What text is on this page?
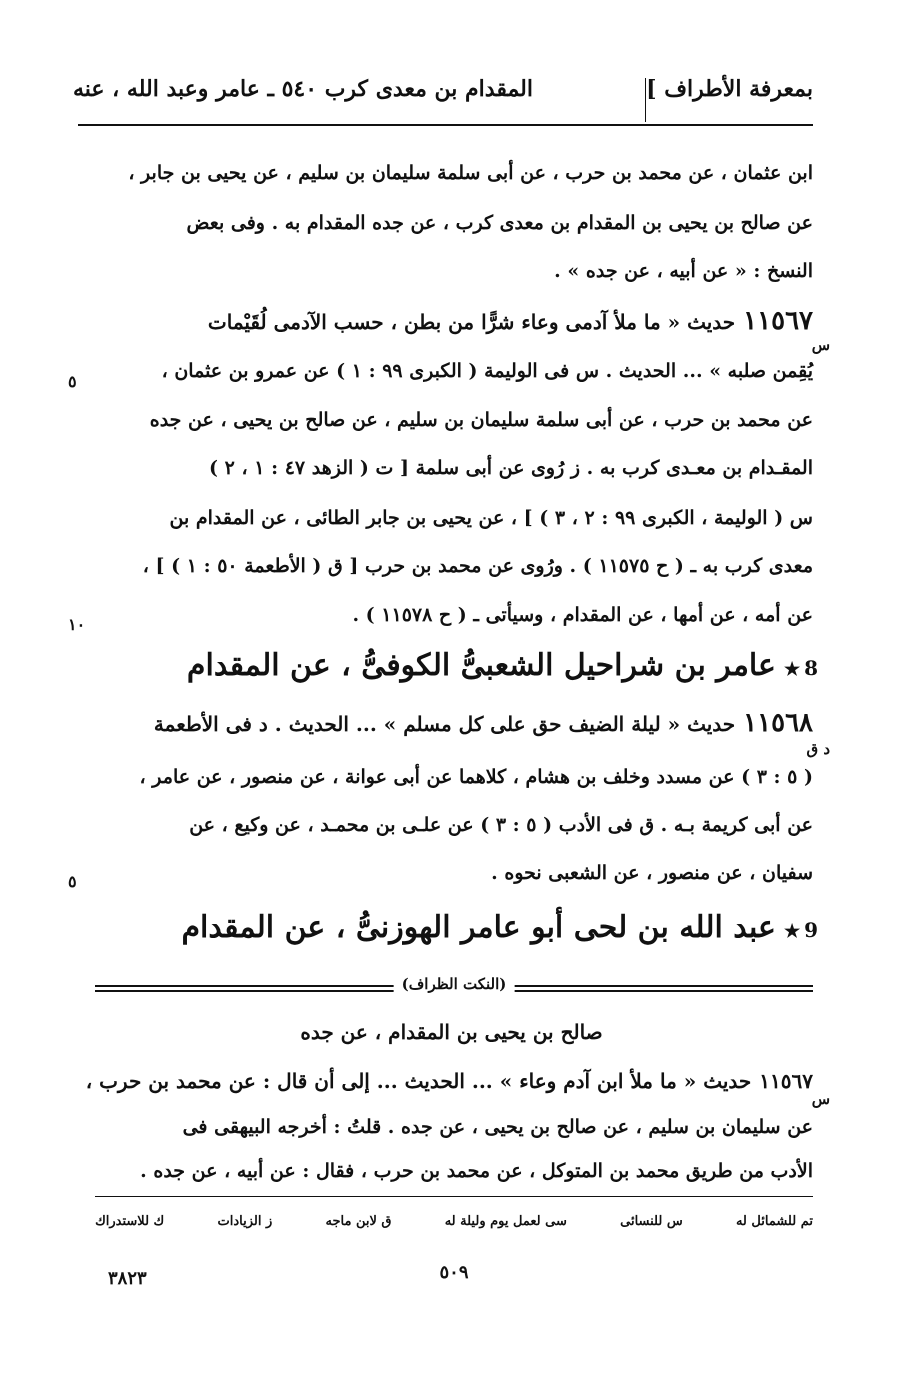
بمعرفة الأطراف ]
المقدام بن معدى كرب ٥٤٠ ـ عامر وعبد الله ، عنه
ابن عثمان ، عن محمد بن حرب ، عن أبى سلمة سليمان بن سليم ، عن يحيى بن جابر ،
عن صالح بن يحيى بن المقدام بن معدى كرب ، عن جده المقدام به . وفى بعض
النسخ : « عن أبيه ، عن جده » .
١١٥٦٧حديث « ما ملأ آدمى وعاء شرًّا من بطن ، حسب الآدمى لُقَيْمات
س
يُقِمن صلبه » ... الحديث . س فى الوليمة ( الكبرى ٩٩ : ١ ) عن عمرو بن عثمان ،
٥
عن محمد بن حرب ، عن أبى سلمة سليمان بن سليم ، عن صالح بن يحيى ، عن جده
المقـدام بن معـدى كرب به . ز رُوى عن أبى سلمة [ ت ( الزهد ٤٧ : ١ ، ٢ )
س ( الوليمة ، الكبرى ٩٩ : ٢ ، ٣ ) ] ، عن يحيى بن جابر الطائى ، عن المقدام بن
معدى كرب به ـ ( ح ١١٥٧٥ ) . ورُوى عن محمد بن حرب [ ق ( الأطعمة ٥٠ : ١ ) ] ،
عن أمه ، عن أمها ، عن المقدام ، وسيأتى ـ ( ح ١١٥٧٨ ) .
١٠
8★عامر بن شراحيل الشعبىُّ الكوفىُّ ، عن المقدام
١١٥٦٨حديث « ليلة الضيف حق على كل مسلم » ... الحديث . د فى الأطعمة
د ق
( ٥ : ٣ ) عن مسدد وخلف بن هشام ، كلاهما عن أبى عوانة ، عن منصور ، عن عامر ،
عن أبى كريمة بـه . ق فى الأدب ( ٥ : ٣ ) عن علـى بن محمـد ، عن وكيع ، عن
سفيان ، عن منصور ، عن الشعبى نحوه .
٥
9★عبد الله بن لحى أبو عامر الهوزنىُّ ، عن المقدام
(النكت الظراف)
صالح بن يحيى بن المقدام ، عن جده
١١٥٦٧حديث « ما ملأ ابن آدم وعاء » ... الحديث ... إلى أن قال : عن محمد بن حرب ،
س
عن سليمان بن سليم ، عن صالح بن يحيى ، عن جده . قلتُ : أخرجه البيهقى فى
الأدب من طريق محمد بن المتوكل ، عن محمد بن حرب ، فقال : عن أبيه ، عن جده .
تم للشمائل له
س للنسائى
سى لعمل يوم وليلة له
ق لابن ماجه
ز الزيادات
ك للاستدراك
٥٠٩
٣٨٢٣
